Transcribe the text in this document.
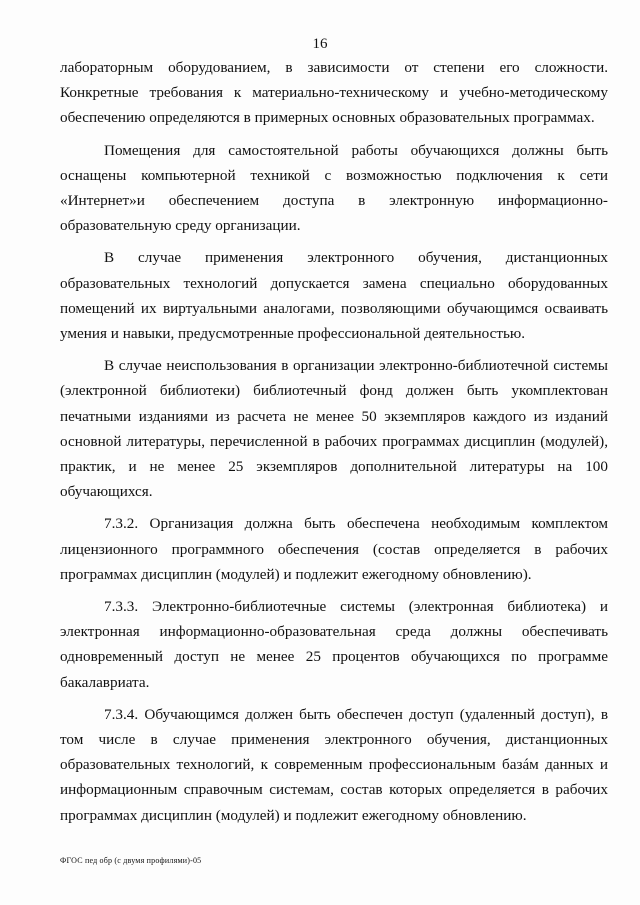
16

лабораторным оборудованием, в зависимости от степени его сложности. Конкретные требования к материально-техническому и учебно-методическому обеспечению определяются в примерных основных образовательных программах.

Помещения для самостоятельной работы обучающихся должны быть оснащены компьютерной техникой с возможностью подключения к сети «Интернет»и обеспечением доступа в электронную информационно-образовательную среду организации.

В случае применения электронного обучения, дистанционных образовательных технологий допускается замена специально оборудованных помещений их виртуальными аналогами, позволяющими обучающимся осваивать умения и навыки, предусмотренные профессиональной деятельностью.

В случае неиспользования в организации электронно-библиотечной системы (электронной библиотеки) библиотечный фонд должен быть укомплектован печатными изданиями из расчета не менее 50 экземпляров каждого из изданий основной литературы, перечисленной в рабочих программах дисциплин (модулей), практик, и не менее 25 экземпляров дополнительной литературы на 100 обучающихся.

7.3.2. Организация должна быть обеспечена необходимым комплектом лицензионного программного обеспечения (состав определяется в рабочих программах дисциплин (модулей) и подлежит ежегодному обновлению).

7.3.3. Электронно-библиотечные системы (электронная библиотека) и электронная информационно-образовательная среда должны обеспечивать одновременный доступ не менее 25 процентов обучающихся по программе бакалавриата.

7.3.4. Обучающимся должен быть обеспечен доступ (удаленный доступ), в том числе в случае применения электронного обучения, дистанционных образовательных технологий, к современным профессиональным базáм данных и информационным справочным системам, состав которых определяется в рабочих программах дисциплин (модулей) и подлежит ежегодному обновлению.

ФГОС пед обр (с двумя профилями)-05
